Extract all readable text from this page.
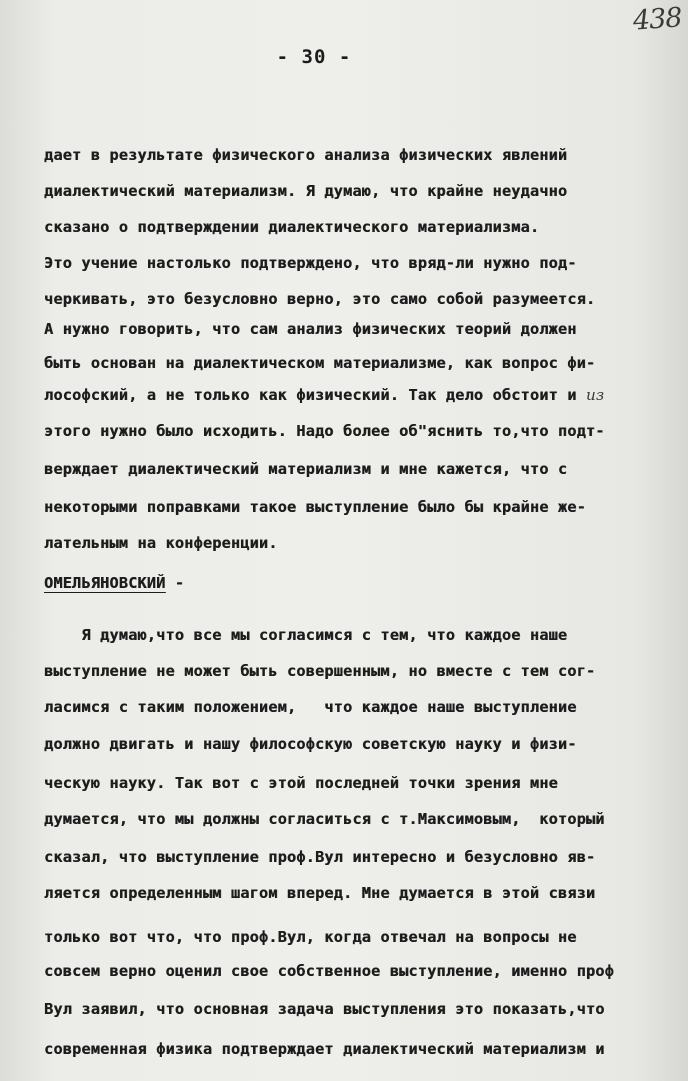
438
- 30 -
дает в результате физического анализа физических явлений
диалектический материализм. Я думаю, что крайне неудачно
сказано о подтверждении диалектического материализма.
Это учение настолько подтверждено, что вряд-ли нужно под-
черкивать, это безусловно верно, это само собой разумеется.
А нужно говорить, что сам анализ физических теорий должен
быть основан на диалектическом материализме, как вопрос фи-
лософский, а не только как физический. Так дело обстоит и из
этого нужно было исходить. Надо более об"яснить то,что подт-
верждает диалектический материализм и мне кажется, что с
некоторыми поправками такое выступление было бы крайне же-
лательным на конференции.
ОМЕЛЬЯНОВСКИЙ -
Я думаю,что все мы согласимся с тем, что каждое наше
выступление не может быть совершенным, но вместе с тем сог-
ласимся с таким положением,   что каждое наше выступление
должно двигать и нашу философскую советскую науку и физи-
ческую науку. Так вот с этой последней точки зрения мне
думается, что мы должны согласиться с т.Максимовым,  который
сказал, что выступление проф.Вул интересно и безусловно яв-
ляется определенным шагом вперед. Мне думается в этой связи
только вот что, что проф.Вул, когда отвечал на вопросы не
совсем верно оценил свое собственное выступление, именно проф
Вул заявил, что основная задача выступления это показать,что
современная физика подтверждает диалектический материализм и
